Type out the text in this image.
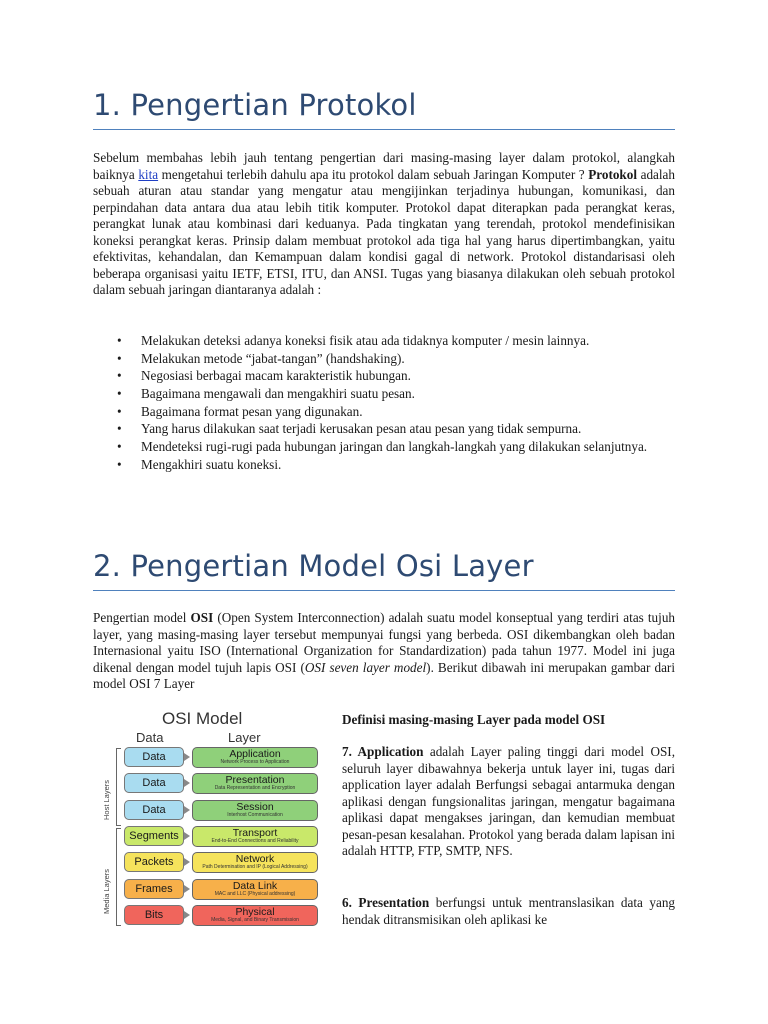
1. Pengertian Protokol

Sebelum membahas lebih jauh tentang pengertian dari masing-masing layer dalam protokol, alangkah baiknya kita mengetahui terlebih dahulu apa itu protokol dalam sebuah Jaringan Komputer ? Protokol adalah sebuah aturan atau standar yang mengatur atau mengijinkan terjadinya hubungan, komunikasi, dan perpindahan data antara dua atau lebih titik komputer. Protokol dapat diterapkan pada perangkat keras, perangkat lunak atau kombinasi dari keduanya. Pada tingkatan yang terendah, protokol mendefinisikan koneksi perangkat keras. Prinsip dalam membuat protokol ada tiga hal yang harus dipertimbangkan, yaitu efektivitas, kehandalan, dan Kemampuan dalam kondisi gagal di network. Protokol distandarisasi oleh beberapa organisasi yaitu IETF, ETSI, ITU, dan ANSI. Tugas yang biasanya dilakukan oleh sebuah protokol dalam sebuah jaringan diantaranya adalah :

• Melakukan deteksi adanya koneksi fisik atau ada tidaknya komputer / mesin lainnya.
• Melakukan metode “jabat-tangan” (handshaking).
• Negosiasi berbagai macam karakteristik hubungan.
• Bagaimana mengawali dan mengakhiri suatu pesan.
• Bagaimana format pesan yang digunakan.
• Yang harus dilakukan saat terjadi kerusakan pesan atau pesan yang tidak sempurna.
• Mendeteksi rugi-rugi pada hubungan jaringan dan langkah-langkah yang dilakukan selanjutnya.
• Mengakhiri suatu koneksi.
2. Pengertian Model Osi Layer

Pengertian model OSI (Open System Interconnection) adalah suatu model konseptual yang terdiri atas tujuh layer, yang masing-masing layer tersebut mempunyai fungsi yang berbeda. OSI dikembangkan oleh badan Internasional yaitu ISO (International Organization for Standardization) pada tahun 1977. Model ini juga dikenal dengan model tujuh lapis OSI (OSI seven layer model). Berikut dibawah ini merupakan gambar dari model OSI 7 Layer

OSI Model
Data	Layer
Host Layers
Media Layers
Data	Application
Network Process to Application
Data	Presentation
Data Representation and Encryption
Data	Session
Interhost Communication
Segments	Transport
End-to-End Connections and Reliability
Packets	Network
Path Determination and IP (Logical Addressing)
Frames	Data Link
MAC and LLC (Physical addressing)
Bits	Physical
Media, Signal, and Binary Transmission

Definisi masing-masing Layer pada model OSI

7. Application adalah Layer paling tinggi dari model OSI, seluruh layer dibawahnya bekerja untuk layer ini, tugas dari application layer adalah Berfungsi sebagai antarmuka dengan aplikasi dengan fungsionalitas jaringan, mengatur bagaimana aplikasi dapat mengakses jaringan, dan kemudian membuat pesan-pesan kesalahan. Protokol yang berada dalam lapisan ini adalah HTTP, FTP, SMTP, NFS.

6. Presentation berfungsi untuk mentranslasikan data yang hendak ditransmisikan oleh aplikasi ke
